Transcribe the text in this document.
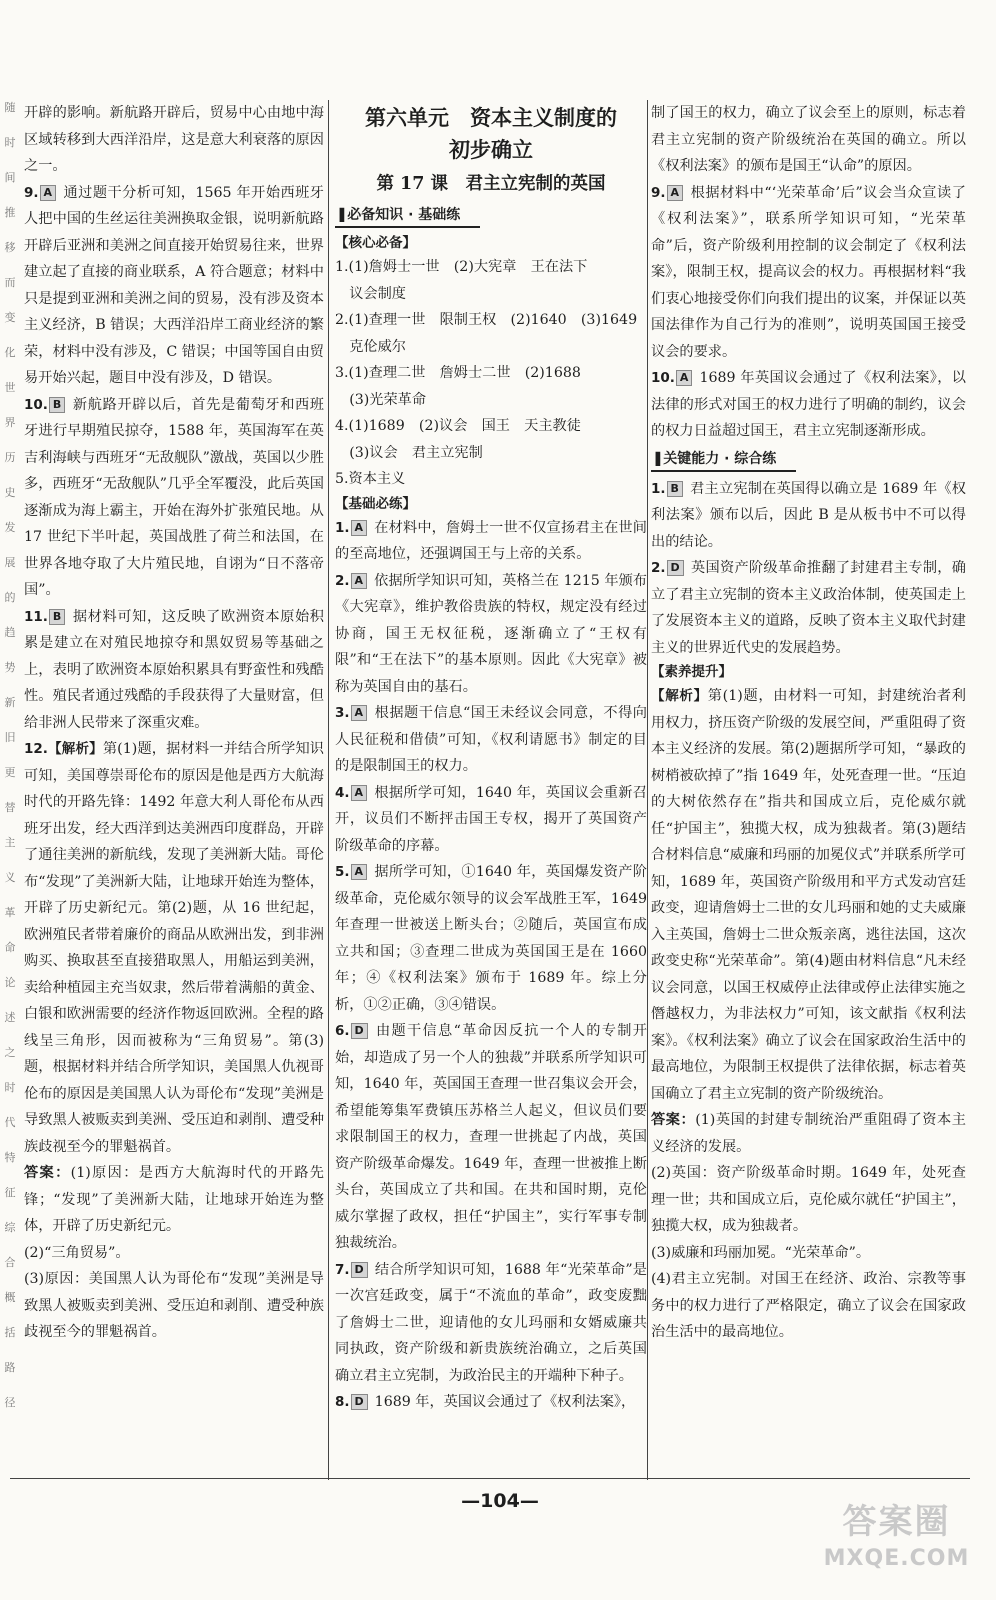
随
时
间
推
移
而
变
化
世
界
历
史
发
展
的
趋
势
新
旧
更
替
主
义
革
命
论
述
之
时
代
特
征
综
合
概
括
路
径

开辟的影响。新航路开辟后，贸易中心由地中海区域转移到大西洋沿岸，这是意大利衰落的原因之一。

9. A 通过题干分析可知，1565 年开始西班牙人把中国的生丝运往美洲换取金银，说明新航路开辟后亚洲和美洲之间直接开始贸易往来，世界建立起了直接的商业联系，A 符合题意；材料中只是提到亚洲和美洲之间的贸易，没有涉及资本主义经济，B 错误；大西洋沿岸工商业经济的繁荣，材料中没有涉及，C 错误；中国等国自由贸易开始兴起，题目中没有涉及，D 错误。

10. B 新航路开辟以后，首先是葡萄牙和西班牙进行早期殖民掠夺，1588 年，英国海军在英吉利海峡与西班牙“无敌舰队”激战，英国以少胜多，西班牙“无敌舰队”几乎全军覆没，此后英国逐渐成为海上霸主，开始在海外扩张殖民地。从 17 世纪下半叶起，英国战胜了荷兰和法国，在世界各地夺取了大片殖民地，自诩为“日不落帝国”。

11. B 据材料可知，这反映了欧洲资本原始积累是建立在对殖民地掠夺和黑奴贸易等基础之上，表明了欧洲资本原始积累具有野蛮性和残酷性。殖民者通过残酷的手段获得了大量财富，但给非洲人民带来了深重灾难。

12.【解析】第(1)题，据材料一并结合所学知识可知，美国尊崇哥伦布的原因是他是西方大航海时代的开路先锋：1492 年意大利人哥伦布从西班牙出发，经大西洋到达美洲西印度群岛，开辟了通往美洲的新航线，发现了美洲新大陆。哥伦布“发现”了美洲新大陆，让地球开始连为整体，开辟了历史新纪元。第(2)题，从 16 世纪起，欧洲殖民者带着廉价的商品从欧洲出发，到非洲购买、换取甚至直接猎取黑人，用船运到美洲，卖给种植园主充当奴隶，然后带着满船的黄金、白银和欧洲需要的经济作物返回欧洲。全程的路线呈三角形，因而被称为“三角贸易”。第(3)题，根据材料并结合所学知识，美国黑人仇视哥伦布的原因是美国黑人认为哥伦布“发现”美洲是导致黑人被贩卖到美洲、受压迫和剥削、遭受种族歧视至今的罪魁祸首。

答案：(1)原因：是西方大航海时代的开路先锋；“发现”了美洲新大陆，让地球开始连为整体，开辟了历史新纪元。

(2)“三角贸易”。

(3)原因：美国黑人认为哥伦布“发现”美洲是导致黑人被贩卖到美洲、受压迫和剥削、遭受种族歧视至今的罪魁祸首。

第六单元　资本主义制度的

初步确立

第 17 课　君主立宪制的英国

▐ 必备知识 · 基础练
【核心必备】

1.(1)詹姆士一世　(2)大宪章　王在法下

　议会制度

2.(1)查理一世　限制王权　(2)1640　(3)1649

　克伦威尔

3.(1)查理二世　詹姆士二世　(2)1688

　(3)光荣革命

4.(1)1689　(2)议会　国王　天主教徒

　(3)议会　君主立宪制

5.资本主义

【基础必练】

1. A 在材料中，詹姆士一世不仅宣扬君主在世间的至高地位，还强调国王与上帝的关系。

2. A 依据所学知识可知，英格兰在 1215 年颁布《大宪章》，维护教俗贵族的特权，规定没有经过协商，国王无权征税，逐渐确立了“王权有限”和“王在法下”的基本原则。因此《大宪章》被称为英国自由的基石。

3. A 根据题干信息“国王未经议会同意，不得向人民征税和借债”可知，《权利请愿书》制定的目的是限制国王的权力。

4. A 根据所学可知，1640 年，英国议会重新召开，议员们不断抨击国王专权，揭开了英国资产阶级革命的序幕。

5. A 据所学可知，①1640 年，英国爆发资产阶级革命，克伦威尔领导的议会军战胜王军，1649 年查理一世被送上断头台；②随后，英国宣布成立共和国；③查理二世成为英国国王是在 1660 年；④《权利法案》颁布于 1689 年。综上分析，①②正确，③④错误。

6. D 由题干信息“革命因反抗一个人的专制开始，却造成了另一个人的独裁”并联系所学知识可知，1640 年，英国国王查理一世召集议会开会，希望能筹集军费镇压苏格兰人起义，但议员们要求限制国王的权力，查理一世挑起了内战，英国资产阶级革命爆发。1649 年，查理一世被推上断头台，英国成立了共和国。在共和国时期，克伦威尔掌握了政权，担任“护国主”，实行军事专制独裁统治。

7. D 结合所学知识可知，1688 年“光荣革命”是一次宫廷政变，属于“不流血的革命”，政变废黜了詹姆士二世，迎请他的女儿玛丽和女婿威廉共同执政，资产阶级和新贵族统治确立，之后英国确立君主立宪制，为政治民主的开端种下种子。

8. D 1689 年，英国议会通过了《权利法案》，

制了国王的权力，确立了议会至上的原则，标志着君主立宪制的资产阶级统治在英国的确立。所以《权利法案》的颁布是国王“认命”的原因。

9. A 根据材料中“‘光荣革命’后”议会当众宣读了《权利法案》”，联系所学知识可知，“光荣革命”后，资产阶级利用控制的议会制定了《权利法案》，限制王权，提高议会的权力。再根据材料“我们衷心地接受你们向我们提出的议案，并保证以英国法律作为自己行为的准则”，说明英国国王接受议会的要求。

10. A 1689 年英国议会通过了《权利法案》，以法律的形式对国王的权力进行了明确的制约，议会的权力日益超过国王，君主立宪制逐渐形成。

▐ 关键能力 · 综合练

1. B 君主立宪制在英国得以确立是 1689 年《权利法案》颁布以后，因此 B 是从板书中不可以得出的结论。

2. D 英国资产阶级革命推翻了封建君主专制，确立了君主立宪制的资本主义政治体制，使英国走上了发展资本主义的道路，反映了资本主义取代封建主义的世界近代史的发展趋势。

【素养提升】

【解析】第(1)题，由材料一可知，封建统治者利用权力，挤压资产阶级的发展空间，严重阻碍了资本主义经济的发展。第(2)题据所学可知，“暴政的树梢被砍掉了”指 1649 年，处死查理一世。“压迫的大树依然存在”指共和国成立后，克伦威尔就任“护国主”，独揽大权，成为独裁者。第(3)题结合材料信息“威廉和玛丽的加冕仪式”并联系所学可知，1689 年，英国资产阶级用和平方式发动宫廷政变，迎请詹姆士二世的女儿玛丽和她的丈夫威廉入主英国，詹姆士二世众叛亲离，逃往法国，这次政变史称“光荣革命”。第(4)题由材料信息“凡未经议会同意，以国王权威停止法律或停止法律实施之僭越权力，为非法权力”可知，该文献指《权利法案》。《权利法案》确立了议会在国家政治生活中的最高地位，为限制王权提供了法律依据，标志着英国确立了君主立宪制的资产阶级统治。

答案：(1)英国的封建专制统治严重阻碍了资本主义经济的发展。

(2)英国：资产阶级革命时期。1649 年，处死查理一世；共和国成立后，克伦威尔就任“护国主”，独揽大权，成为独裁者。

(3)威廉和玛丽加冕。“光荣革命”。

(4)君主立宪制。对国王在经济、政治、宗教等事务中的权力进行了严格限定，确立了议会在国家政治生活中的最高地位。

—104—
答案圈
MXQE.COM
